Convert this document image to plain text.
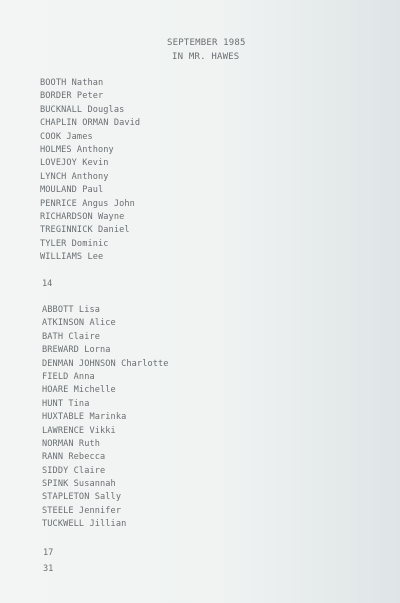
SEPTEMBER 1985
IN MR. HAWES
BOOTH Nathan
BORDER Peter
BUCKNALL Douglas
CHAPLIN ORMAN David
COOK James
HOLMES Anthony
LOVEJOY Kevin
LYNCH Anthony
MOULAND Paul
PENRICE Angus John
RICHARDSON Wayne
TREGINNICK Daniel
TYLER Dominic
WILLIAMS Lee
14
ABBOTT Lisa
ATKINSON Alice
BATH Claire
BREWARD Lorna
DENMAN JOHNSON Charlotte
FIELD Anna
HOARE Michelle
HUNT Tina
HUXTABLE Marinka
LAWRENCE Vikki
NORMAN Ruth
RANN Rebecca
SIDDY Claire
SPINK Susannah
STAPLETON Sally
STEELE Jennifer
TUCKWELL Jillian
17
31
